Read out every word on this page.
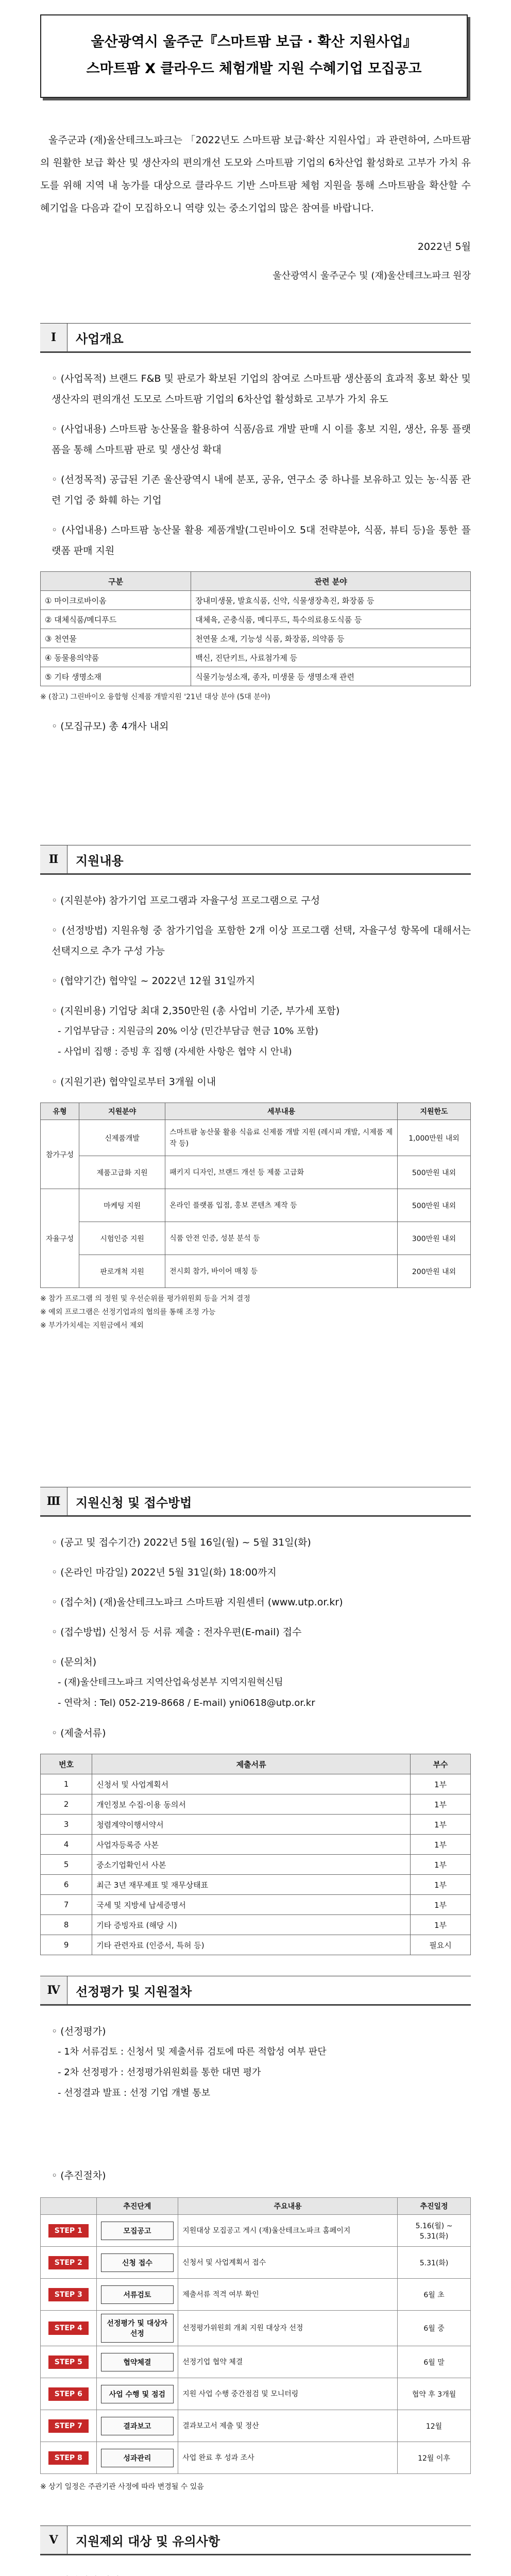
울산광역시 울주군『스마트팜 보급 · 확산 지원사업』
스마트팜 X 클라우드 체험개발 지원 수혜기업 모집공고
울주군과 (재)울산테크노파크는 「2022년도 스마트팜 보급·확산 지원사업」과 관련하여, 스마트팜의 원활한 보급 확산 및 생산자의 편의개선 도모와 스마트팜 기업의 6차산업 활성화로 고부가 가치 유도를 위해 지역 내 농가를 대상으로 클라우드 기반 스마트팜 체험 지원을 통해 스마트팜을 확산할 수혜기업을 다음과 같이 모집하오니 역량 있는 중소기업의 많은 참여를 바랍니다.
2022년 5월
울산광역시 울주군수 및 (재)울산테크노파크 원장
Ⅰ	사업개요
◦ (사업목적) 브랜드 F&B 및 판로가 확보된 기업의 참여로 스마트팜 생산품의 효과적 홍보 확산 및 생산자의 편의개선 도모로 스마트팜 기업의 6차산업 활성화로 고부가 가치 유도
◦ (사업내용) 스마트팜 농산물을 활용하여 식품/음료 개발 판매 시 이를 홍보 지원, 생산, 유통 플랫폼을 통해 스마트팜 판로 및 생산성 확대
◦ (선정목적) 공급된 기존 울산광역시 내에 분포, 공유, 연구소 중 하나를 보유하고 있는 농·식품 관련 기업 중 화훼 하는 기업
◦ (사업내용) 스마트팜 농산물 활용 제품개발(그린바이오 5대 전략분야, 식품, 뷰티 등)을 통한 플랫폼 판매 지원
구분	관련 분야
① 마이크로바이옴	장내미생물, 발효식품, 신약, 식물생장촉진, 화장품 등
② 대체식품/메디푸드	대체육, 곤충식품, 메디푸드, 특수의료용도식품 등
③ 천연물	천연물 소재, 기능성 식품, 화장품, 의약품 등
④ 동물용의약품	백신, 진단키트, 사료첨가제 등
⑤ 기타 생명소재	식물기능성소재, 종자, 미생물 등 생명소재 관련
※ (참고) 그린바이오 융합형 신제품 개발지원 '21년 대상 분야 (5대 분야)
◦ (모집규모) 총 4개사 내외
Ⅱ	지원내용
◦ (지원분야) 참가기업 프로그램과 자율구성 프로그램으로 구성
◦ (선정방법) 지원유형 중 참가기업을 포함한 2개 이상 프로그램 선택, 자율구성 항목에 대해서는 선택지으로 추가 구성 가능
◦ (협약기간) 협약일 ~ 2022년 12월 31일까지
◦ (지원비용) 기업당 최대 2,350만원 (총 사업비 기준, 부가세 포함)
- 기업부담금 : 지원금의 20% 이상 (민간부담금 현금 10% 포함)
- 사업비 집행 : 증빙 후 집행 (자세한 사항은 협약 시 안내)
◦ (지원기관) 협약일로부터 3개월 이내
유형	지원분야	세부내용	지원한도
참가구성	신제품개발	스마트팜 농산물 활용 식음료 신제품 개발 지원 (레시피 개발, 시제품 제작 등)	1,000만원 내외
	제품고급화 지원	패키지 디자인, 브랜드 개선 등 제품 고급화	500만원 내외
자율구성	마케팅 지원	온라인 플랫폼 입점, 홍보 콘텐츠 제작 등	500만원 내외
	시험인증 지원	식품 안전 인증, 성분 분석 등	300만원 내외
	판로개척 지원	전시회 참가, 바이어 매칭 등	200만원 내외
※ 참가 프로그램 의 정원 및 우선순위를 평가위원회 등을 거쳐 결정
※ 예외 프로그램은 선정기업과의 협의를 통해 조정 가능
※ 부가가치세는 지원금에서 제외
Ⅲ	지원신청 및 접수방법
◦ (공고 및 접수기간) 2022년 5월 16일(월) ~ 5월 31일(화)
◦ (온라인 마감일) 2022년 5월 31일(화) 18:00까지
◦ (접수처) (재)울산테크노파크 스마트팜 지원센터 (www.utp.or.kr)
◦ (접수방법) 신청서 등 서류 제출 : 전자우편(E-mail) 접수
◦ (문의처)
- (재)울산테크노파크 지역산업육성본부 지역지원혁신팀
- 연락처 : Tel) 052-219-8668 / E-mail) yni0618@utp.or.kr
◦ (제출서류)
번호	제출서류	부수
1	신청서 및 사업계획서	1부
2	개인정보 수집·이용 동의서	1부
3	청렴계약이행서약서	1부
4	사업자등록증 사본	1부
5	중소기업확인서 사본	1부
6	최근 3년 재무제표 및 재무상태표	1부
7	국세 및 지방세 납세증명서	1부
8	기타 증빙자료 (해당 시)	1부
9	기타 관련자료 (인증서, 특허 등)	필요시
Ⅳ	선정평가 및 지원절차
◦ (선정평가)
- 1차 서류검토 : 신청서 및 제출서류 검토에 따른 적합성 여부 판단
- 2차 선정평가 : 선정평가위원회를 통한 대면 평가
- 선정결과 발표 : 선정 기업 개별 통보
◦ (추진절차)
	추진단계	주요내용	추진일정
STEP 1	모집공고	지원대상 모집공고 게시 (재)울산테크노파크 홈페이지	5.16(월) ~ 5.31(화)
STEP 2	신청 접수	신청서 및 사업계획서 접수	5.31(화)
STEP 3	서류검토	제출서류 적격 여부 확인	6월 초
STEP 4	선정평가 및 대상자 선정	선정평가위원회 개최 지원 대상자 선정	6월 중
STEP 5	협약체결	선정기업 협약 체결	6월 말
STEP 6	사업 수행 및 점검	지원 사업 수행 중간점검 및 모니터링	협약 후 3개월
STEP 7	결과보고	결과보고서 제출 및 정산	12월
STEP 8	성과관리	사업 완료 후 성과 조사	12월 이후
※ 상기 일정은 주관기관 사정에 따라 변경될 수 있음
Ⅴ	지원제외 대상 및 유의사항
